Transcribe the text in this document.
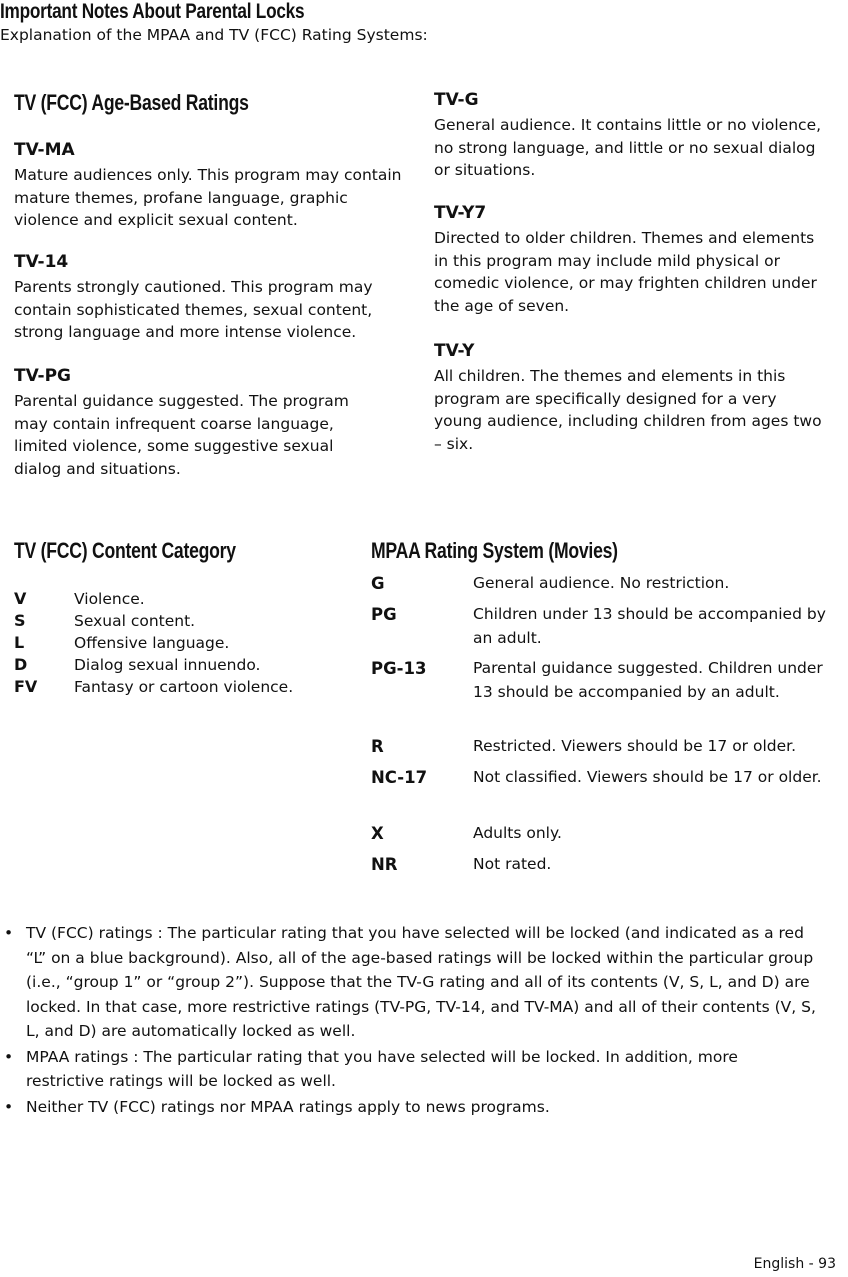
Important Notes About Parental Locks
Explanation of the MPAA and TV (FCC) Rating Systems:
TV (FCC) Age-Based Ratings
TV-MA
Mature audiences only. This program may contain mature themes, profane language, graphic violence and explicit sexual content.
TV-14
Parents strongly cautioned. This program may contain sophisticated themes, sexual content, strong language and more intense violence.
TV-PG
Parental guidance suggested. The program may contain infrequent coarse language, limited violence, some suggestive sexual dialog and situations.
TV-G
General audience. It contains little or no violence, no strong language, and little or no sexual dialog or situations.
TV-Y7
Directed to older children. Themes and elements in this program may include mild physical or comedic violence, or may frighten children under the age of seven.
TV-Y
All children. The themes and elements in this program are specifically designed for a very young audience, including children from ages two – six.
TV (FCC) Content Category
V	Violence.
S	Sexual content.
L	Offensive language.
D	Dialog sexual innuendo.
FV Fantasy or cartoon violence.
MPAA Rating System (Movies)
G	General audience. No restriction.
PG	Children under 13 should be accompanied by an adult.
PG-13	Parental guidance suggested. Children under 13 should be accompanied by an adult.
R	Restricted. Viewers should be 17 or older.
NC-17	Not classified. Viewers should be 17 or older.
X	Adults only.
NR	Not rated.
• TV (FCC) ratings : The particular rating that you have selected will be locked (and indicated as a red “L” on a blue background). Also, all of the age-based ratings will be locked within the particular group (i.e., “group 1” or “group 2”). Suppose that the TV-G rating and all of its contents (V, S, L, and D) are locked. In that case, more restrictive ratings (TV-PG, TV-14, and TV-MA) and all of their contents (V, S, L, and D) are automatically locked as well.
• MPAA ratings : The particular rating that you have selected will be locked. In addition, more restrictive ratings will be locked as well.
• Neither TV (FCC) ratings nor MPAA ratings apply to news programs.
English - 93
